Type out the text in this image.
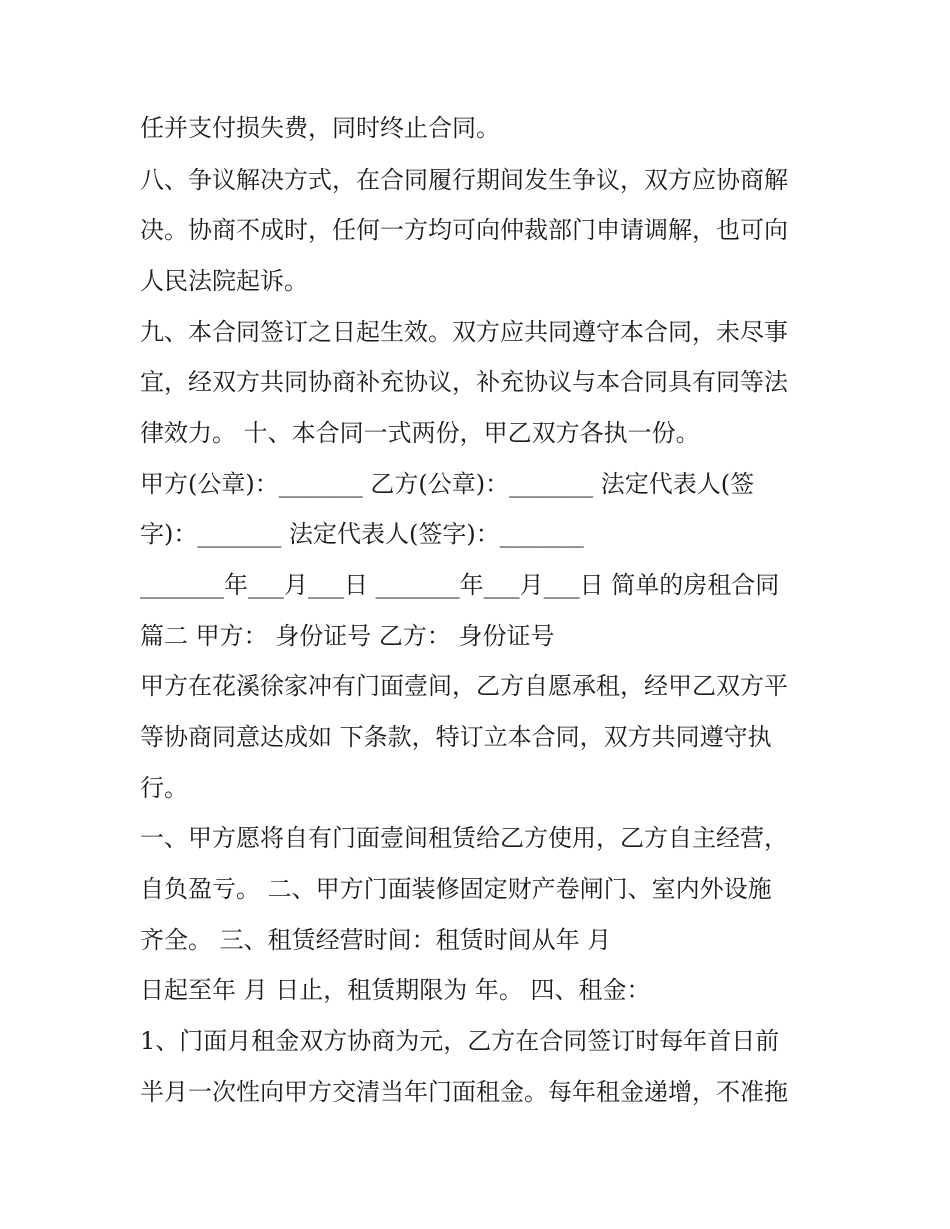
任并支付损失费，同时终止合同。
八、争议解决方式，在合同履行期间发生争议，双方应协商解
决。协商不成时，任何一方均可向仲裁部门申请调解，也可向
人民法院起诉。
九、本合同签订之日起生效。双方应共同遵守本合同，未尽事
宜，经双方共同协商补充协议，补充协议与本合同具有同等法
律效力。 十、本合同一式两份，甲乙双方各执一份。
甲方(公章)：_______ 乙方(公章)：_______ 法定代表人(签
字)：_______ 法定代表人(签字)：_______
_______年___月___日 _______年___月___日 简单的房租合同
篇二 甲方： 身份证号 乙方： 身份证号
甲方在花溪徐家冲有门面壹间，乙方自愿承租，经甲乙双方平
等协商同意达成如 下条款，特订立本合同，双方共同遵守执
行。
一、甲方愿将自有门面壹间租赁给乙方使用，乙方自主经营，
自负盈亏。 二、甲方门面装修固定财产卷闸门、室内外设施
齐全。 三、租赁经营时间：租赁时间从年 月
日起至年 月 日止，租赁期限为 年。 四、租金：
1、门面月租金双方协商为元，乙方在合同签订时每年首日前
半月一次性向甲方交清当年门面租金。每年租金递增，不准拖
